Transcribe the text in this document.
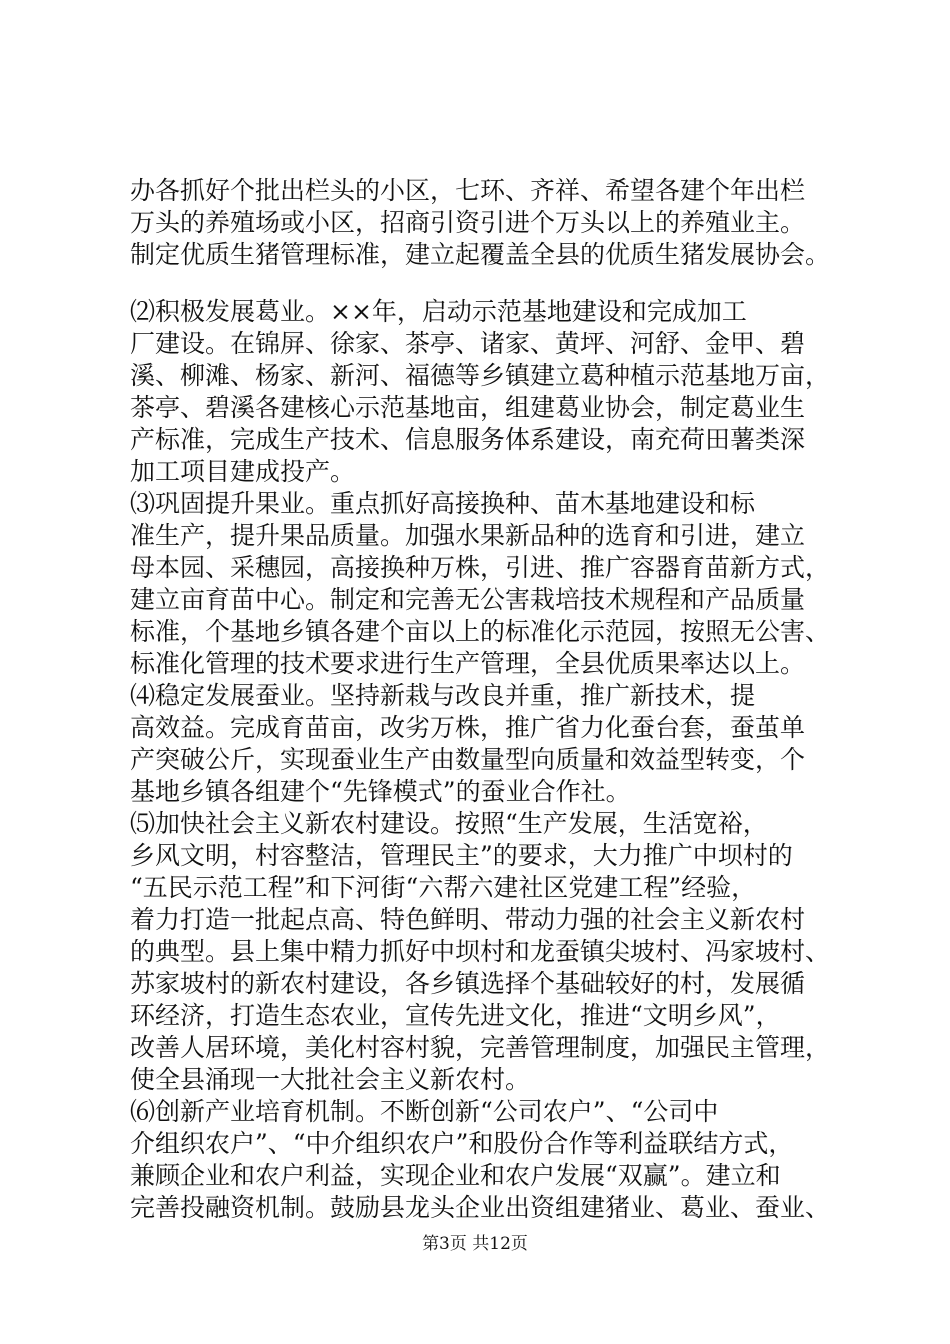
办各抓好个批出栏头的小区，七环、齐祥、希望各建个年出栏
万头的养殖场或小区，招商引资引进个万头以上的养殖业主。
制定优质生猪管理标准，建立起覆盖全县的优质生猪发展协会。
⑵积极发展葛业。××年，启动示范基地建设和完成加工
厂建设。在锦屏、徐家、茶亭、诸家、黄坪、河舒、金甲、碧
溪、柳滩、杨家、新河、福德等乡镇建立葛种植示范基地万亩，
茶亭、碧溪各建核心示范基地亩，组建葛业协会，制定葛业生
产标准，完成生产技术、信息服务体系建设，南充荷田薯类深
加工项目建成投产。
⑶巩固提升果业。重点抓好高接换种、苗木基地建设和标
准生产，提升果品质量。加强水果新品种的选育和引进，建立
母本园、采穗园，高接换种万株，引进、推广容器育苗新方式，
建立亩育苗中心。制定和完善无公害栽培技术规程和产品质量
标准，个基地乡镇各建个亩以上的标准化示范园，按照无公害、
标准化管理的技术要求进行生产管理，全县优质果率达以上。
⑷稳定发展蚕业。坚持新栽与改良并重，推广新技术，提
高效益。完成育苗亩，改劣万株，推广省力化蚕台套，蚕茧单
产突破公斤，实现蚕业生产由数量型向质量和效益型转变，个
基地乡镇各组建个“先锋模式”的蚕业合作社。
⑸加快社会主义新农村建设。按照“生产发展，生活宽裕，
乡风文明，村容整洁，管理民主”的要求，大力推广中坝村的
“五民示范工程”和下河街“六帮六建社区党建工程”经验，
着力打造一批起点高、特色鲜明、带动力强的社会主义新农村
的典型。县上集中精力抓好中坝村和龙蚕镇尖坡村、冯家坡村、
苏家坡村的新农村建设，各乡镇选择个基础较好的村，发展循
环经济，打造生态农业，宣传先进文化，推进“文明乡风”，
改善人居环境，美化村容村貌，完善管理制度，加强民主管理，
使全县涌现一大批社会主义新农村。
⑹创新产业培育机制。不断创新“公司农户”、“公司中
介组织农户”、“中介组织农户”和股份合作等利益联结方式，
兼顾企业和农户利益，实现企业和农户发展“双赢”。建立和
完善投融资机制。鼓励县龙头企业出资组建猪业、葛业、蚕业、
第3页 共12页
